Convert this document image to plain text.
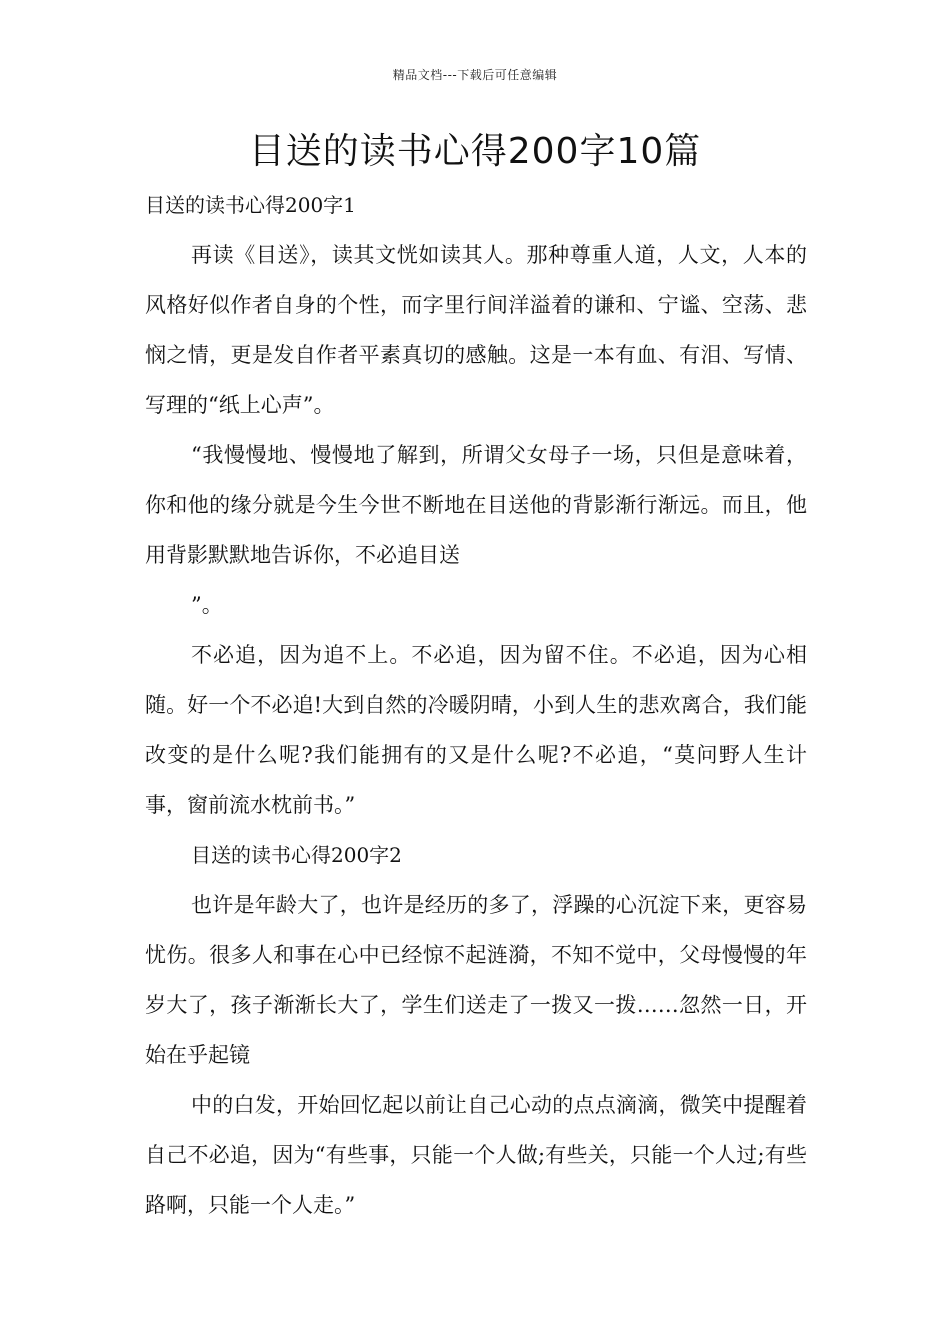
精品文档---下载后可任意编辑
目送的读书心得200字10篇

目送的读书心得200字1

再读《目送》，读其文恍如读其人。那种尊重人道，人文，人本的风格好似作者自身的个性，而字里行间洋溢着的谦和、宁谧、空荡、悲悯之情，更是发自作者平素真切的感触。这是一本有血、有泪、写情、写理的“纸上心声”。

“我慢慢地、慢慢地了解到，所谓父女母子一场，只但是意味着，你和他的缘分就是今生今世不断地在目送他的背影渐行渐远。而且，他用背影默默地告诉你，不必追目送

”。

不必追，因为追不上。不必追，因为留不住。不必追，因为心相随。好一个不必追!大到自然的冷暖阴晴，小到人生的悲欢离合，我们能改变的是什么呢?我们能拥有的又是什么呢?不必追，“莫问野人生计事，窗前流水枕前书。”

目送的读书心得200字2

也许是年龄大了，也许是经历的多了，浮躁的心沉淀下来，更容易忧伤。很多人和事在心中已经惊不起涟漪，不知不觉中，父母慢慢的年岁大了，孩子渐渐长大了，学生们送走了一拨又一拨……忽然一日，开始在乎起镜

中的白发，开始回忆起以前让自己心动的点点滴滴，微笑中提醒着自己不必追，因为“有些事，只能一个人做;有些关，只能一个人过;有些路啊，只能一个人走。”
